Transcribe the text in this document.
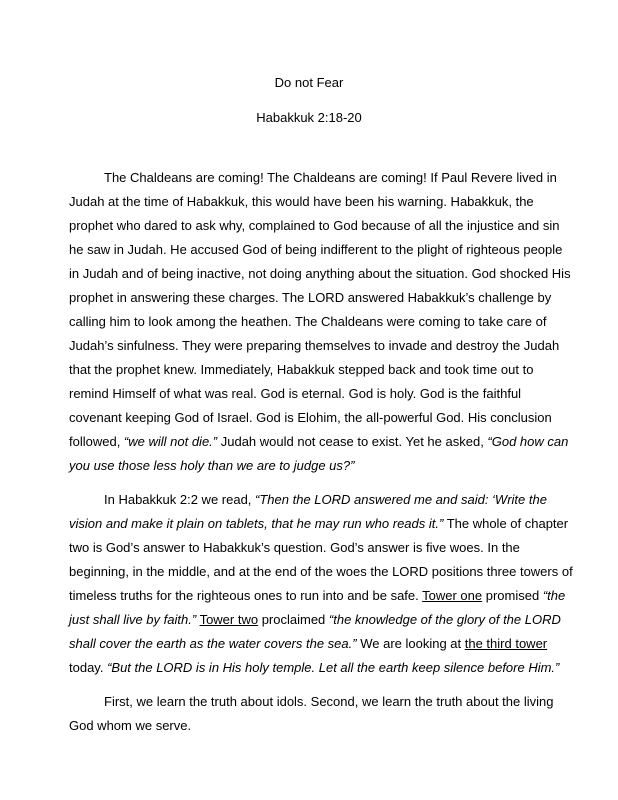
Do not Fear
Habakkuk 2:18-20

The Chaldeans are coming! The Chaldeans are coming! If Paul Revere lived in
Judah at the time of Habakkuk, this would have been his warning. Habakkuk, the
prophet who dared to ask why, complained to God because of all the injustice and sin
he saw in Judah. He accused God of being indifferent to the plight of righteous people
in Judah and of being inactive, not doing anything about the situation. God shocked His
prophet in answering these charges. The LORD answered Habakkuk’s challenge by
calling him to look among the heathen. The Chaldeans were coming to take care of
Judah’s sinfulness. They were preparing themselves to invade and destroy the Judah
that the prophet knew. Immediately, Habakkuk stepped back and took time out to
remind Himself of what was real. God is eternal. God is holy. God is the faithful
covenant keeping God of Israel. God is Elohim, the all-powerful God. His conclusion
followed, “we will not die.” Judah would not cease to exist. Yet he asked, “God how can
you use those less holy than we are to judge us?”

In Habakkuk 2:2 we read, “Then the LORD answered me and said: ‘Write the
vision and make it plain on tablets, that he may run who reads it.” The whole of chapter
two is God’s answer to Habakkuk’s question. God’s answer is five woes. In the
beginning, in the middle, and at the end of the woes the LORD positions three towers of
timeless truths for the righteous ones to run into and be safe. Tower one promised “the
just shall live by faith.” Tower two proclaimed “the knowledge of the glory of the LORD
shall cover the earth as the water covers the sea.” We are looking at the third tower
today. “But the LORD is in His holy temple. Let all the earth keep silence before Him.”

First, we learn the truth about idols. Second, we learn the truth about the living
God whom we serve.
